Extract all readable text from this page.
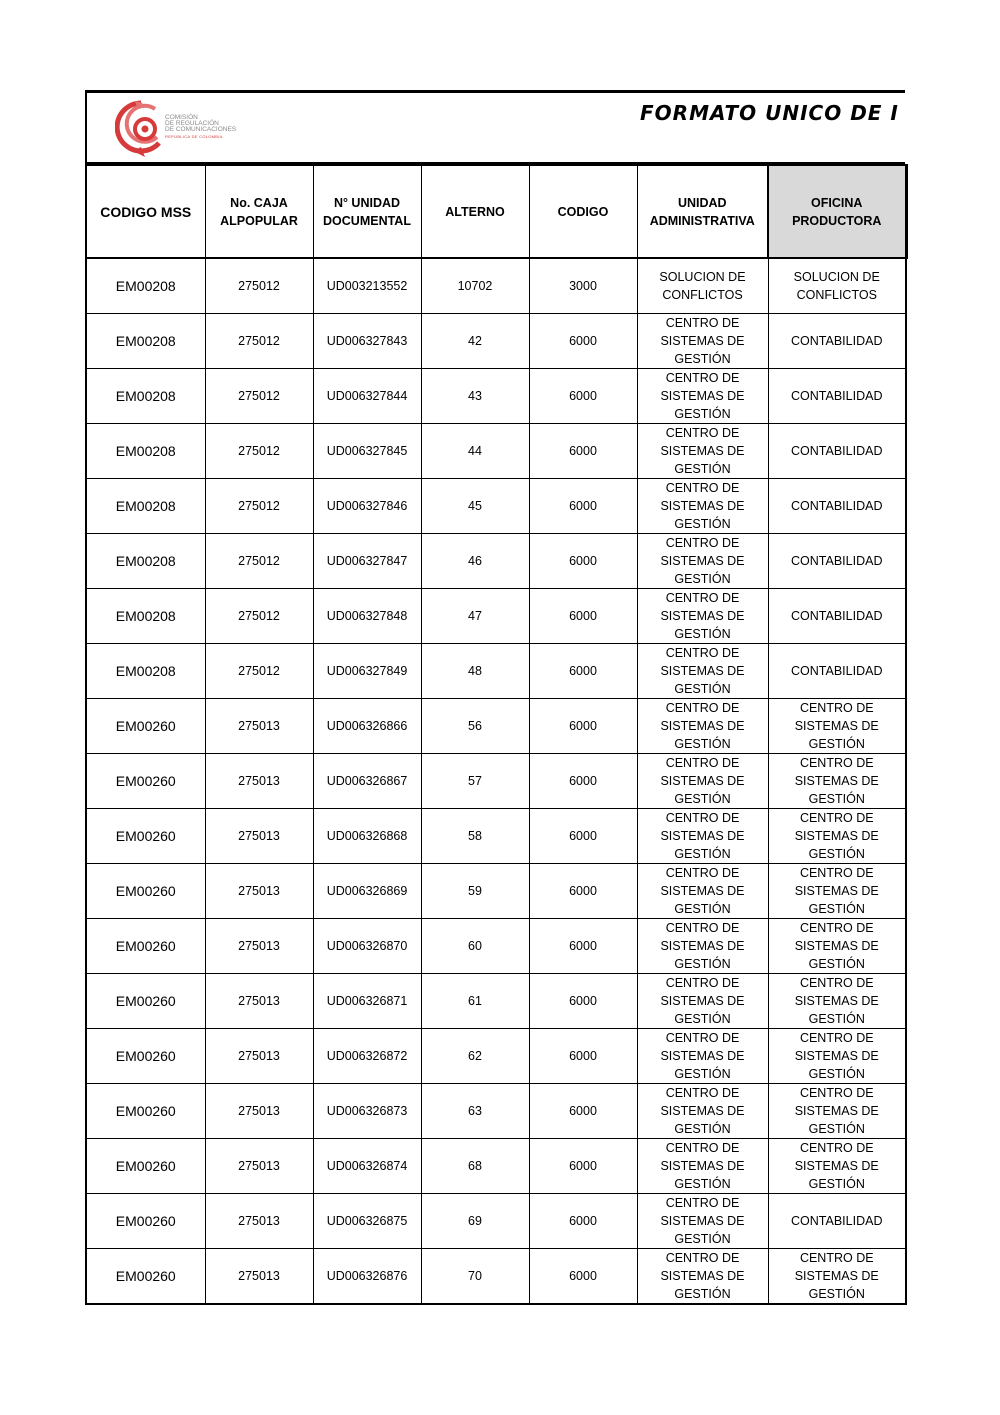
COMISIÓN
DE REGULACIÓN
DE COMUNICACIONES
REPÚBLICA DE COLOMBIA
FORMATO UNICO DE I
CODIGO MSS	No. CAJA ALPOPULAR	N° UNIDAD DOCUMENTAL	ALTERNO	CODIGO	UNIDAD ADMINISTRATIVA	OFICINA PRODUCTORA
EM00208	275012	UD003213552	10702	3000	SOLUCION DE CONFLICTOS	SOLUCION DE CONFLICTOS
EM00208	275012	UD006327843	42	6000	CENTRO DE SISTEMAS DE GESTIÓN	CONTABILIDAD
EM00208	275012	UD006327844	43	6000	CENTRO DE SISTEMAS DE GESTIÓN	CONTABILIDAD
EM00208	275012	UD006327845	44	6000	CENTRO DE SISTEMAS DE GESTIÓN	CONTABILIDAD
EM00208	275012	UD006327846	45	6000	CENTRO DE SISTEMAS DE GESTIÓN	CONTABILIDAD
EM00208	275012	UD006327847	46	6000	CENTRO DE SISTEMAS DE GESTIÓN	CONTABILIDAD
EM00208	275012	UD006327848	47	6000	CENTRO DE SISTEMAS DE GESTIÓN	CONTABILIDAD
EM00208	275012	UD006327849	48	6000	CENTRO DE SISTEMAS DE GESTIÓN	CONTABILIDAD
EM00260	275013	UD006326866	56	6000	CENTRO DE SISTEMAS DE GESTIÓN	CENTRO DE SISTEMAS DE GESTIÓN
EM00260	275013	UD006326867	57	6000	CENTRO DE SISTEMAS DE GESTIÓN	CENTRO DE SISTEMAS DE GESTIÓN
EM00260	275013	UD006326868	58	6000	CENTRO DE SISTEMAS DE GESTIÓN	CENTRO DE SISTEMAS DE GESTIÓN
EM00260	275013	UD006326869	59	6000	CENTRO DE SISTEMAS DE GESTIÓN	CENTRO DE SISTEMAS DE GESTIÓN
EM00260	275013	UD006326870	60	6000	CENTRO DE SISTEMAS DE GESTIÓN	CENTRO DE SISTEMAS DE GESTIÓN
EM00260	275013	UD006326871	61	6000	CENTRO DE SISTEMAS DE GESTIÓN	CENTRO DE SISTEMAS DE GESTIÓN
EM00260	275013	UD006326872	62	6000	CENTRO DE SISTEMAS DE GESTIÓN	CENTRO DE SISTEMAS DE GESTIÓN
EM00260	275013	UD006326873	63	6000	CENTRO DE SISTEMAS DE GESTIÓN	CENTRO DE SISTEMAS DE GESTIÓN
EM00260	275013	UD006326874	68	6000	CENTRO DE SISTEMAS DE GESTIÓN	CENTRO DE SISTEMAS DE GESTIÓN
EM00260	275013	UD006326875	69	6000	CENTRO DE SISTEMAS DE GESTIÓN	CONTABILIDAD
EM00260	275013	UD006326876	70	6000	CENTRO DE SISTEMAS DE GESTIÓN	CENTRO DE SISTEMAS DE GESTIÓN
